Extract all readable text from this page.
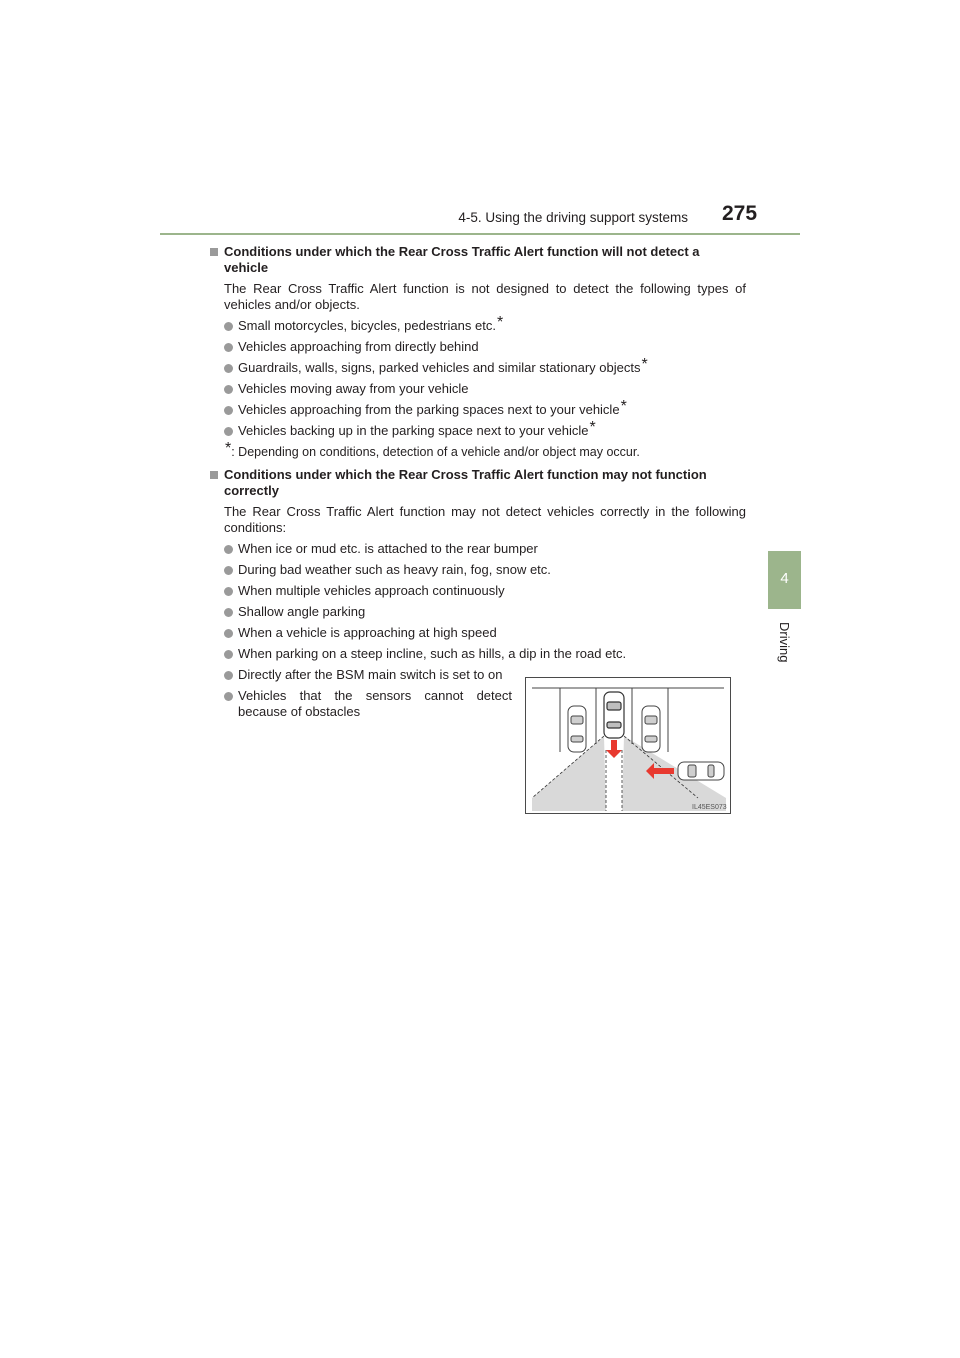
4-5. Using the driving support systems 275
4
Driving
Conditions under which the Rear Cross Traffic Alert function will not detect a vehicle
The Rear Cross Traffic Alert function is not designed to detect the following types of vehicles and/or objects.
Small motorcycles, bicycles, pedestrians etc.*
Vehicles approaching from directly behind
Guardrails, walls, signs, parked vehicles and similar stationary objects*
Vehicles moving away from your vehicle
Vehicles approaching from the parking spaces next to your vehicle*
Vehicles backing up in the parking space next to your vehicle*
*: Depending on conditions, detection of a vehicle and/or object may occur.
Conditions under which the Rear Cross Traffic Alert function may not function correctly
The Rear Cross Traffic Alert function may not detect vehicles correctly in the following conditions:
When ice or mud etc. is attached to the rear bumper
During bad weather such as heavy rain, fog, snow etc.
When multiple vehicles approach continuously
Shallow angle parking
When a vehicle is approaching at high speed
When parking on a steep incline, such as hills, a dip in the road etc.
Directly after the BSM main switch is set to on
Vehicles that the sensors cannot detect because of obstacles
IL45ES073
